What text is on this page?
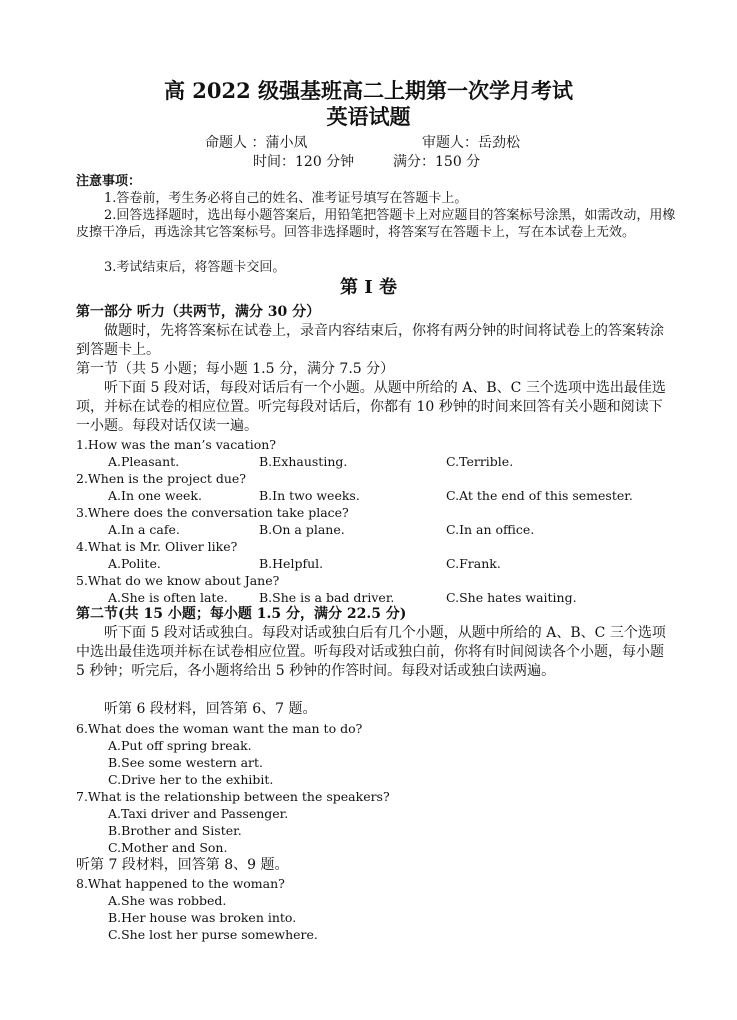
高 2022 级强基班高二上期第一次学月考试
英语试题
命题人 ：蒲小凤	审题人：岳劲松
时间：120 分钟	满分：150 分
注意事项：
1.答卷前，考生务必将自己的姓名、准考证号填写在答题卡上。
2.回答选择题时，选出每小题答案后，用铅笔把答题卡上对应题目的答案标号涂黑，如需改动，用橡皮擦干净后，再选涂其它答案标号。回答非选择题时，将答案写在答题卡上，写在本试卷上无效。
3.考试结束后，将答题卡交回。
第 I 卷
第一部分 听力（共两节，满分 30 分）
做题时，先将答案标在试卷上，录音内容结束后，你将有两分钟的时间将试卷上的答案转涂到答题卡上。
第一节（共 5 小题；每小题 1.5 分，满分 7.5 分）
听下面 5 段对话，每段对话后有一个小题。从题中所给的 A、B、C 三个选项中选出最佳选项，并标在试卷的相应位置。听完每段对话后，你都有 10 秒钟的时间来回答有关小题和阅读下一小题。每段对话仅读一遍。
1.How was the man’s vacation?
A.Pleasant.	B.Exhausting.	C.Terrible.
2.When is the project due?
A.In one week.	B.In two weeks.	C.At the end of this semester.
3.Where does the conversation take place?
A.In a cafe.	B.On a plane.	C.In an office.
4.What is Mr. Oliver like?
A.Polite.	B.Helpful.	C.Frank.
5.What do we know about Jane?
A.She is often late. B.She is a bad driver.	C.She hates waiting.
第二节(共 15 小题；每小题 1.5 分，满分 22.5 分)
听下面 5 段对话或独白。每段对话或独白后有几个小题，从题中所给的 A、B、C 三个选项中选出最佳选项并标在试卷相应位置。听每段对话或独白前，你将有时间阅读各个小题，每小题 5 秒钟；听完后，各小题将给出 5 秒钟的作答时间。每段对话或独白读两遍。
听第 6 段材料，回答第 6、7 题。
6.What does the woman want the man to do?
A.Put off spring break.
B.See some western art.
C.Drive her to the exhibit.
7.What is the relationship between the speakers?
A.Taxi driver and Passenger.
B.Brother and Sister.
C.Mother and Son.
听第 7 段材料，回答第 8、9 题。
8.What happened to the woman?
A.She was robbed.
B.Her house was broken into.
C.She lost her purse somewhere.
